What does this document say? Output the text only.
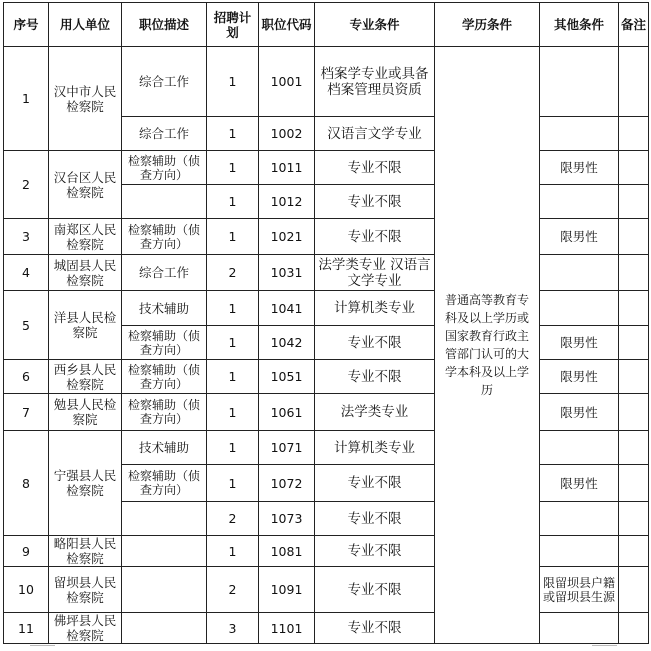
序号	用人单位	职位描述	招聘计划	职位代码	专业条件	学历条件	其他条件	备注
1	汉中市人民检察院	综合工作	1	1001	档案学专业或具备档案管理员资质	普通高等教育专科及以上学历或国家教育行政主管部门认可的大学本科及以上学历		
		综合工作	1	1002	汉语言文学专业			
2	汉台区人民检察院	检察辅助（侦查方向）	1	1011	专业不限		限男性	
			1	1012	专业不限			
3	南郑区人民检察院	检察辅助（侦查方向）	1	1021	专业不限		限男性	
4	城固县人民检察院	综合工作	2	1031	法学类专业 汉语言文学专业			
5	洋县人民检察院	技术辅助	1	1041	计算机类专业			
		检察辅助（侦查方向）	1	1042	专业不限		限男性	
6	西乡县人民检察院	检察辅助（侦查方向）	1	1051	专业不限		限男性	
7	勉县人民检察院	检察辅助（侦查方向）	1	1061	法学类专业		限男性	
8	宁强县人民检察院	技术辅助	1	1071	计算机类专业			
		检察辅助（侦查方向）	1	1072	专业不限		限男性	
			2	1073	专业不限			
9	略阳县人民检察院		1	1081	专业不限			
10	留坝县人民检察院		2	1091	专业不限		限留坝县户籍或留坝县生源	
11	佛坪县人民检察院		3	1101	专业不限			
